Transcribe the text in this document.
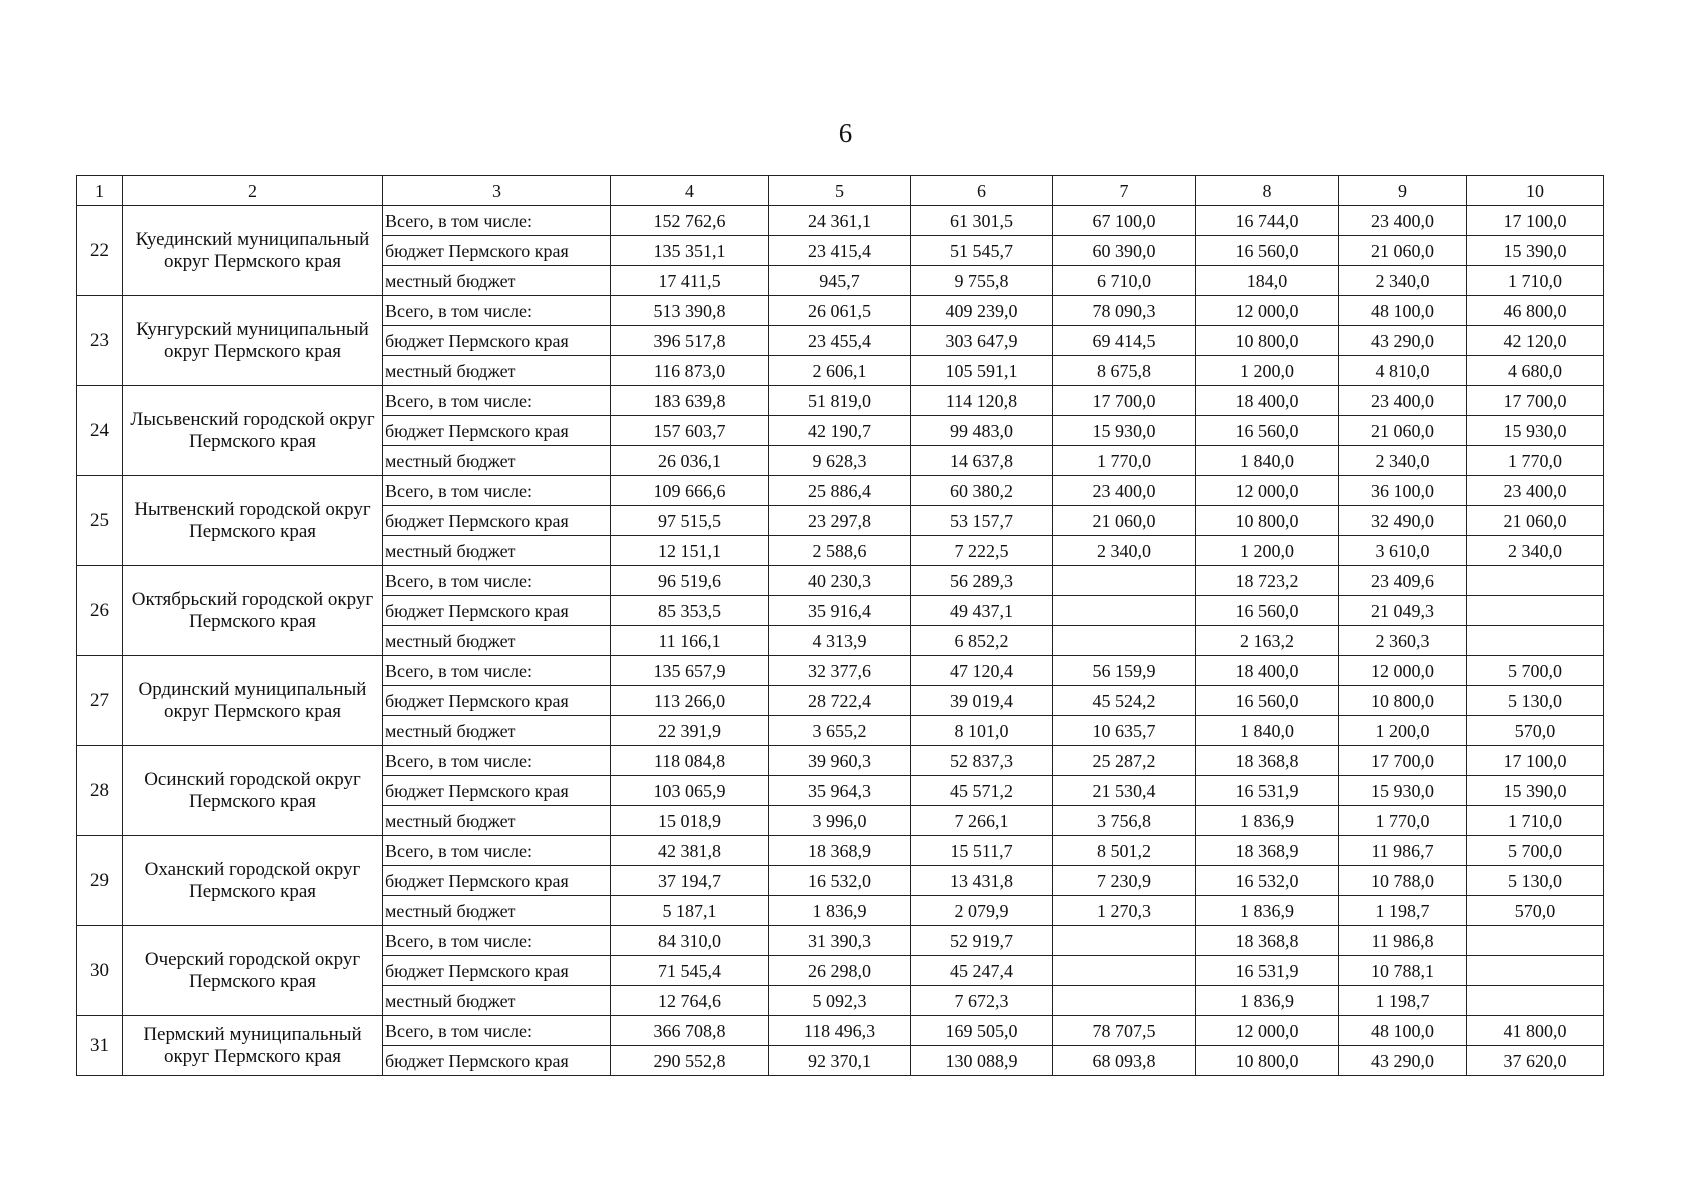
6
1	2	3	4	5	6	7	8	9	10
22	Куединский муниципальный округ Пермского края	Всего, в том числе:	152 762,6	24 361,1	61 301,5	67 100,0	16 744,0	23 400,0	17 100,0
		бюджет Пермского края	135 351,1	23 415,4	51 545,7	60 390,0	16 560,0	21 060,0	15 390,0
		местный бюджет	17 411,5	945,7	9 755,8	6 710,0	184,0	2 340,0	1 710,0
23	Кунгурский муниципальный округ Пермского края	Всего, в том числе:	513 390,8	26 061,5	409 239,0	78 090,3	12 000,0	48 100,0	46 800,0
		бюджет Пермского края	396 517,8	23 455,4	303 647,9	69 414,5	10 800,0	43 290,0	42 120,0
		местный бюджет	116 873,0	2 606,1	105 591,1	8 675,8	1 200,0	4 810,0	4 680,0
24	Лысьвенский городской округ Пермского края	Всего, в том числе:	183 639,8	51 819,0	114 120,8	17 700,0	18 400,0	23 400,0	17 700,0
		бюджет Пермского края	157 603,7	42 190,7	99 483,0	15 930,0	16 560,0	21 060,0	15 930,0
		местный бюджет	26 036,1	9 628,3	14 637,8	1 770,0	1 840,0	2 340,0	1 770,0
25	Нытвенский городской округ Пермского края	Всего, в том числе:	109 666,6	25 886,4	60 380,2	23 400,0	12 000,0	36 100,0	23 400,0
		бюджет Пермского края	97 515,5	23 297,8	53 157,7	21 060,0	10 800,0	32 490,0	21 060,0
		местный бюджет	12 151,1	2 588,6	7 222,5	2 340,0	1 200,0	3 610,0	2 340,0
26	Октябрьский городской округ Пермского края	Всего, в том числе:	96 519,6	40 230,3	56 289,3		18 723,2	23 409,6	
		бюджет Пермского края	85 353,5	35 916,4	49 437,1		16 560,0	21 049,3	
		местный бюджет	11 166,1	4 313,9	6 852,2		2 163,2	2 360,3	
27	Ординский муниципальный округ Пермского края	Всего, в том числе:	135 657,9	32 377,6	47 120,4	56 159,9	18 400,0	12 000,0	5 700,0
		бюджет Пермского края	113 266,0	28 722,4	39 019,4	45 524,2	16 560,0	10 800,0	5 130,0
		местный бюджет	22 391,9	3 655,2	8 101,0	10 635,7	1 840,0	1 200,0	570,0
28	Осинский городской округ Пермского края	Всего, в том числе:	118 084,8	39 960,3	52 837,3	25 287,2	18 368,8	17 700,0	17 100,0
		бюджет Пермского края	103 065,9	35 964,3	45 571,2	21 530,4	16 531,9	15 930,0	15 390,0
		местный бюджет	15 018,9	3 996,0	7 266,1	3 756,8	1 836,9	1 770,0	1 710,0
29	Оханский городской округ Пермского края	Всего, в том числе:	42 381,8	18 368,9	15 511,7	8 501,2	18 368,9	11 986,7	5 700,0
		бюджет Пермского края	37 194,7	16 532,0	13 431,8	7 230,9	16 532,0	10 788,0	5 130,0
		местный бюджет	5 187,1	1 836,9	2 079,9	1 270,3	1 836,9	1 198,7	570,0
30	Очерский городской округ Пермского края	Всего, в том числе:	84 310,0	31 390,3	52 919,7		18 368,8	11 986,8	
		бюджет Пермского края	71 545,4	26 298,0	45 247,4		16 531,9	10 788,1	
		местный бюджет	12 764,6	5 092,3	7 672,3		1 836,9	1 198,7	
31	Пермский муниципальный округ Пермского края	Всего, в том числе:	366 708,8	118 496,3	169 505,0	78 707,5	12 000,0	48 100,0	41 800,0
		бюджет Пермского края	290 552,8	92 370,1	130 088,9	68 093,8	10 800,0	43 290,0	37 620,0
